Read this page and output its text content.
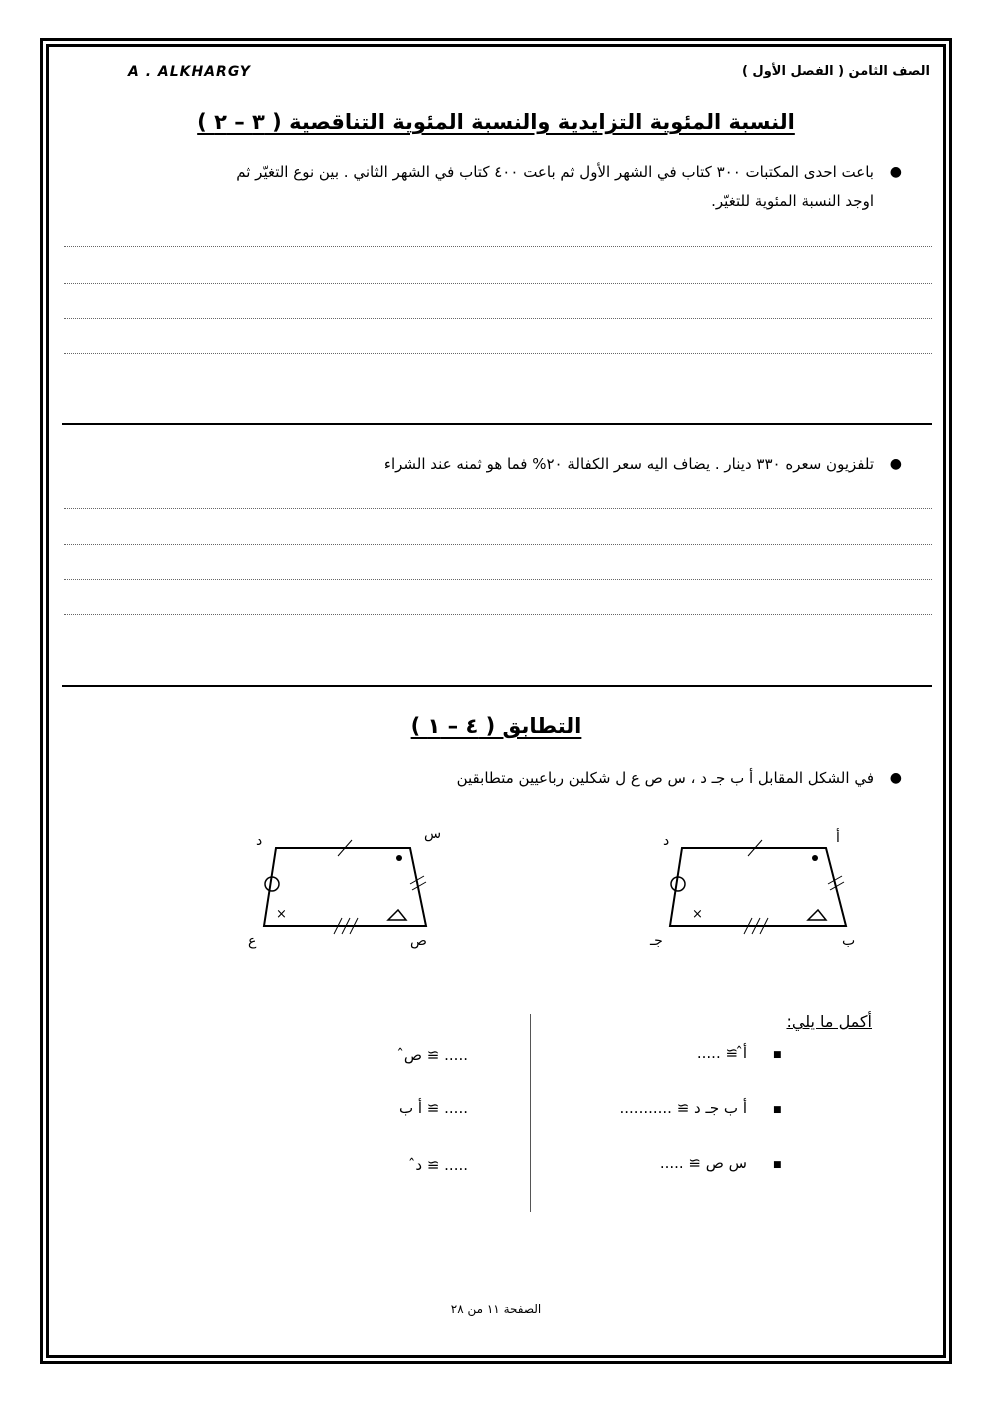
A . ALKHARGY	الصف الثامن ( الفصل الأول )
النسبة المئوية التزايدية والنسبة المئوية التناقصية ( ٣ – ٢ )
●
باعت احدى المكتبات ٣٠٠ كتاب في الشهر الأول ثم باعت ٤٠٠ كتاب في الشهر الثاني . بين نوع التغيّر ثم
اوجد النسبة المئوية للتغيّر.
●
تلفزيون سعره ٣٣٠ دينار . يضاف اليه سعر الكفالة ٢٠% فما هو ثمنه عند الشراء
التطابق ( ٤ – ١ )
●
في الشكل المقابل أ ب جـ د ، س ص ع ل شكلين رباعيين متطابقين
×
أ
د
ب
جـ
×
س
د
ص
ع
أكمل ما يلي:
■
أ̂ ≅ .....
■
أ ب جـ د ≅ ...........
■
س ص ≅ .....
..... ≅ ص̂
..... ≅ أ ب
..... ≅ د̂
الصفحة ١١ من ٢٨
